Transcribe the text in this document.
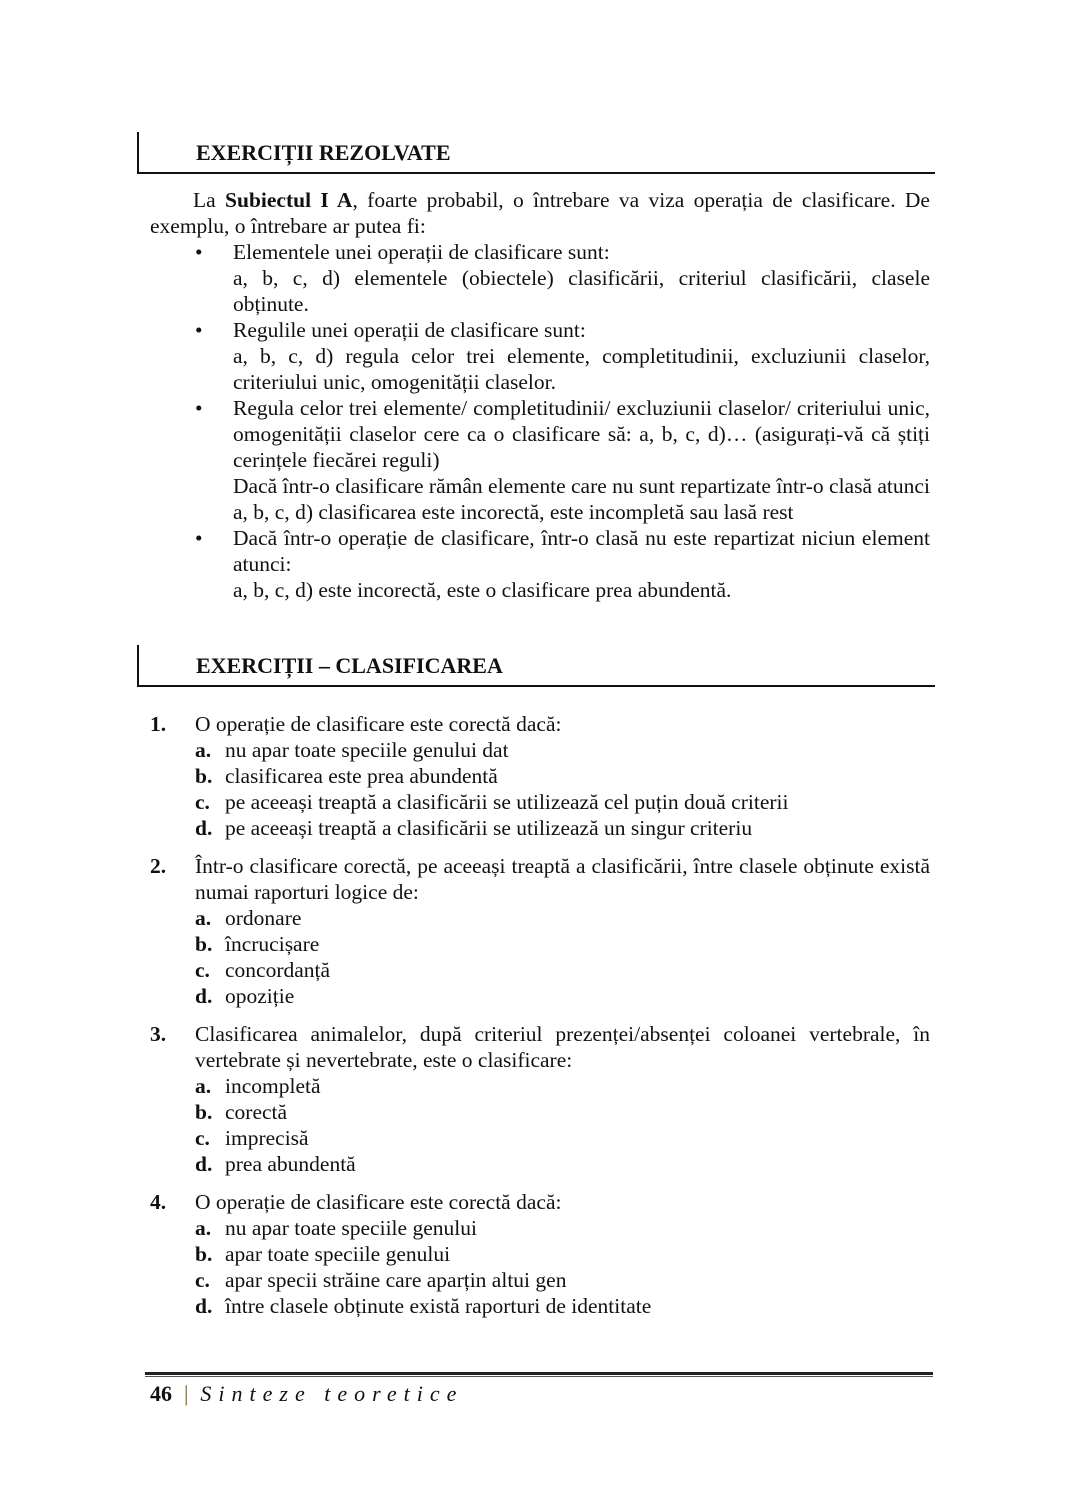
EXERCIȚII REZOLVATE
La Subiectul I A, foarte probabil, o întrebare va viza operația de clasificare. De exemplu, o întrebare ar putea fi:
• Elementele unei operații de clasificare sunt:
a, b, c, d) elementele (obiectele) clasificării, criteriul clasificării, clasele obținute.
• Regulile unei operații de clasificare sunt:
a, b, c, d) regula celor trei elemente, completitudinii, excluziunii claselor, criteriului unic, omogenității claselor.
• Regula celor trei elemente/ completitudinii/ excluziunii claselor/ criteriului unic, omogenității claselor cere ca o clasificare să: a, b, c, d)… (asigurați-vă că știți cerințele fiecărei reguli)
Dacă într-o clasificare rămân elemente care nu sunt repartizate într-o clasă atunci
a, b, c, d) clasificarea este incorectă, este incompletă sau lasă rest
• Dacă într-o operație de clasificare, într-o clasă nu este repartizat niciun element atunci:
a, b, c, d) este incorectă, este o clasificare prea abundentă.
EXERCIȚII – CLASIFICAREA
1. O operație de clasificare este corectă dacă:
a. nu apar toate speciile genului dat
b. clasificarea este prea abundentă
c. pe aceeași treaptă a clasificării se utilizează cel puțin două criterii
d. pe aceeași treaptă a clasificării se utilizează un singur criteriu
2. Într-o clasificare corectă, pe aceeași treaptă a clasificării, între clasele obținute există numai raporturi logice de:
a. ordonare
b. încrucișare
c. concordanță
d. opoziție
3. Clasificarea animalelor, după criteriul prezenței/absenței coloanei vertebrale, în vertebrate și nevertebrate, este o clasificare:
a. incompletă
b. corectă
c. imprecisă
d. prea abundentă
4. O operație de clasificare este corectă dacă:
a. nu apar toate speciile genului
b. apar toate speciile genului
c. apar specii străine care aparțin altui gen
d. între clasele obținute există raporturi de identitate
46 | Sinteze teoretice
